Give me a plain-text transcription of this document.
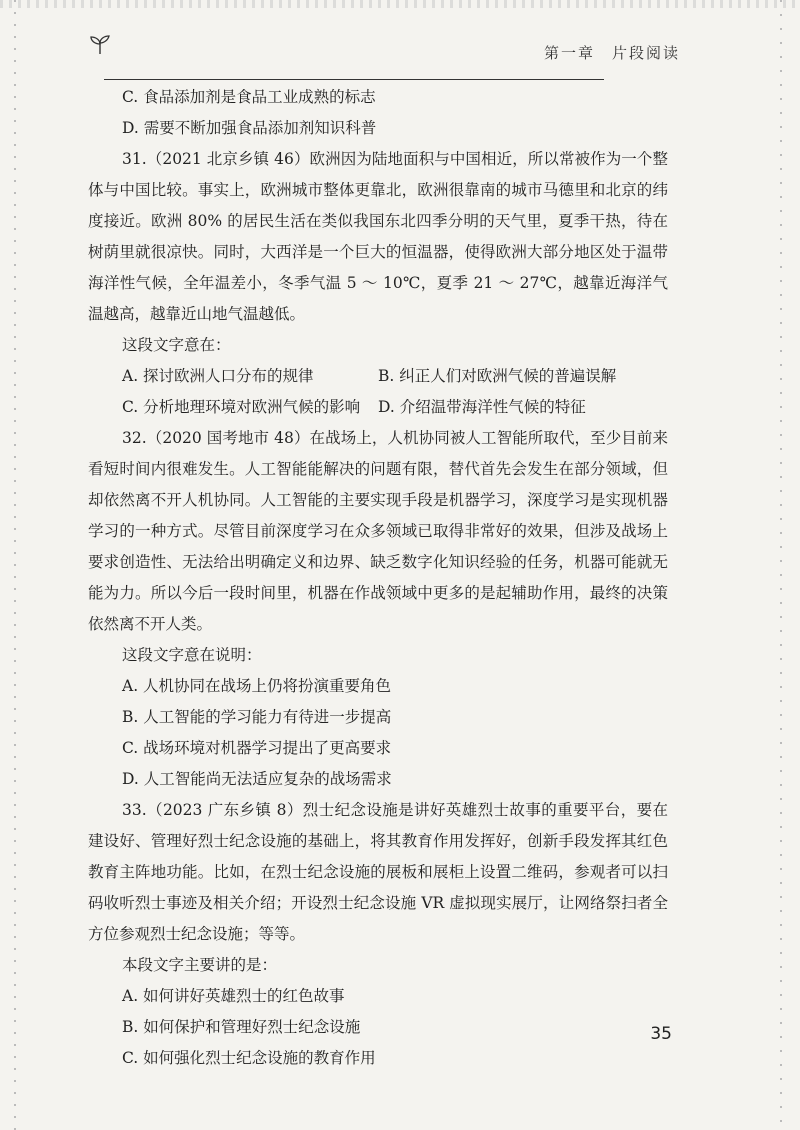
第一章　片段阅读

C. 食品添加剂是食品工业成熟的标志

D. 需要不断加强食品添加剂知识科普

31.（2021 北京乡镇 46）欧洲因为陆地面积与中国相近，所以常被作为一个整体与中国比较。事实上，欧洲城市整体更靠北，欧洲很靠南的城市马德里和北京的纬度接近。欧洲 80% 的居民生活在类似我国东北四季分明的天气里，夏季干热，待在树荫里就很凉快。同时，大西洋是一个巨大的恒温器，使得欧洲大部分地区处于温带海洋性气候，全年温差小，冬季气温 5 ～ 10℃，夏季 21 ～ 27℃，越靠近海洋气温越高，越靠近山地气温越低。

这段文字意在：

A. 探讨欧洲人口分布的规律	B. 纠正人们对欧洲气候的普遍误解
C. 分析地理环境对欧洲气候的影响	D. 介绍温带海洋性气候的特征

32.（2020 国考地市 48）在战场上，人机协同被人工智能所取代，至少目前来看短时间内很难发生。人工智能能解决的问题有限，替代首先会发生在部分领域，但却依然离不开人机协同。人工智能的主要实现手段是机器学习，深度学习是实现机器学习的一种方式。尽管目前深度学习在众多领域已取得非常好的效果，但涉及战场上要求创造性、无法给出明确定义和边界、缺乏数字化知识经验的任务，机器可能就无能为力。所以今后一段时间里，机器在作战领域中更多的是起辅助作用，最终的决策依然离不开人类。

这段文字意在说明：

A. 人机协同在战场上仍将扮演重要角色

B. 人工智能的学习能力有待进一步提高

C. 战场环境对机器学习提出了更高要求

D. 人工智能尚无法适应复杂的战场需求

33.（2023 广东乡镇 8）烈士纪念设施是讲好英雄烈士故事的重要平台，要在建设好、管理好烈士纪念设施的基础上，将其教育作用发挥好，创新手段发挥其红色教育主阵地功能。比如，在烈士纪念设施的展板和展柜上设置二维码，参观者可以扫码收听烈士事迹及相关介绍；开设烈士纪念设施 VR 虚拟现实展厅，让网络祭扫者全方位参观烈士纪念设施；等等。

本段文字主要讲的是：

A. 如何讲好英雄烈士的红色故事

B. 如何保护和管理好烈士纪念设施

C. 如何强化烈士纪念设施的教育作用

35
